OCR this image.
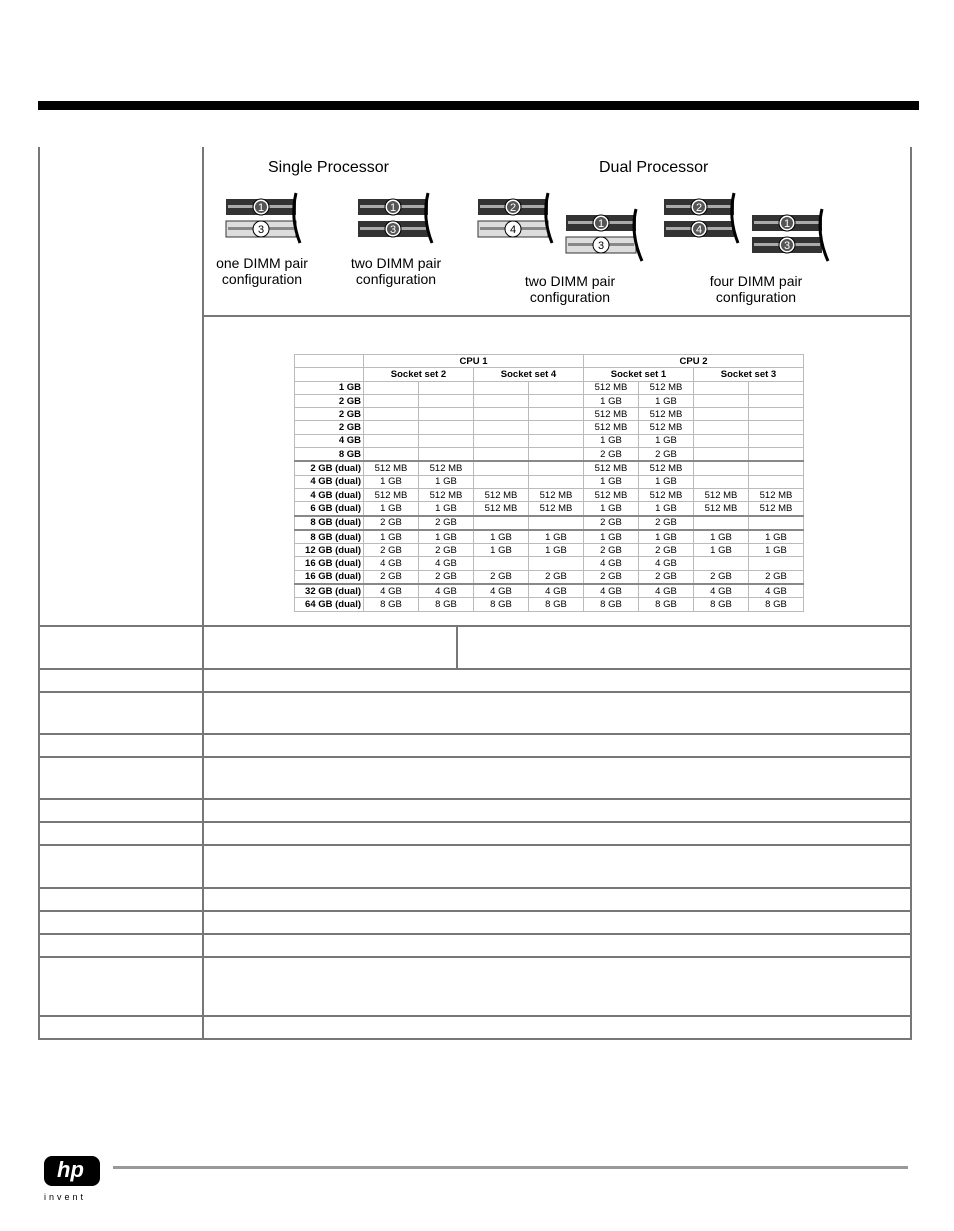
Single Processor	Dual Processor
1
3
one DIMM pair
configuration
1
3
two DIMM pair
configuration
2
4	1
3
two DIMM pair
configuration
2
4	1
3
four DIMM pair
configuration
	CPU 1				CPU 2			
	Socket set 2		Socket set 4		Socket set 1		Socket set 3	
1 GB					512 MB	512 MB		
2 GB					1 GB	1 GB		
2 GB					512 MB	512 MB		
2 GB					512 MB	512 MB		
4 GB					1 GB	1 GB		
8 GB					2 GB	2 GB		
2 GB (dual)	512 MB	512 MB			512 MB	512 MB		
4 GB (dual)	1 GB	1 GB			1 GB	1 GB		
4 GB (dual)	512 MB	512 MB	512 MB	512 MB	512 MB	512 MB	512 MB	512 MB
6 GB (dual)	1 GB	1 GB	512 MB	512 MB	1 GB	1 GB	512 MB	512 MB
8 GB (dual)	2 GB	2 GB			2 GB	2 GB		
8 GB (dual)	1 GB	1 GB	1 GB	1 GB	1 GB	1 GB	1 GB	1 GB
12 GB (dual)	2 GB	2 GB	1 GB	1 GB	2 GB	2 GB	1 GB	1 GB
16 GB (dual)	4 GB	4 GB			4 GB	4 GB		
16 GB (dual)	2 GB	2 GB	2 GB	2 GB	2 GB	2 GB	2 GB	2 GB
32 GB (dual)	4 GB	4 GB	4 GB	4 GB	4 GB	4 GB	4 GB	4 GB
64 GB (dual)	8 GB	8 GB	8 GB	8 GB	8 GB	8 GB	8 GB	8 GB
hp
invent
